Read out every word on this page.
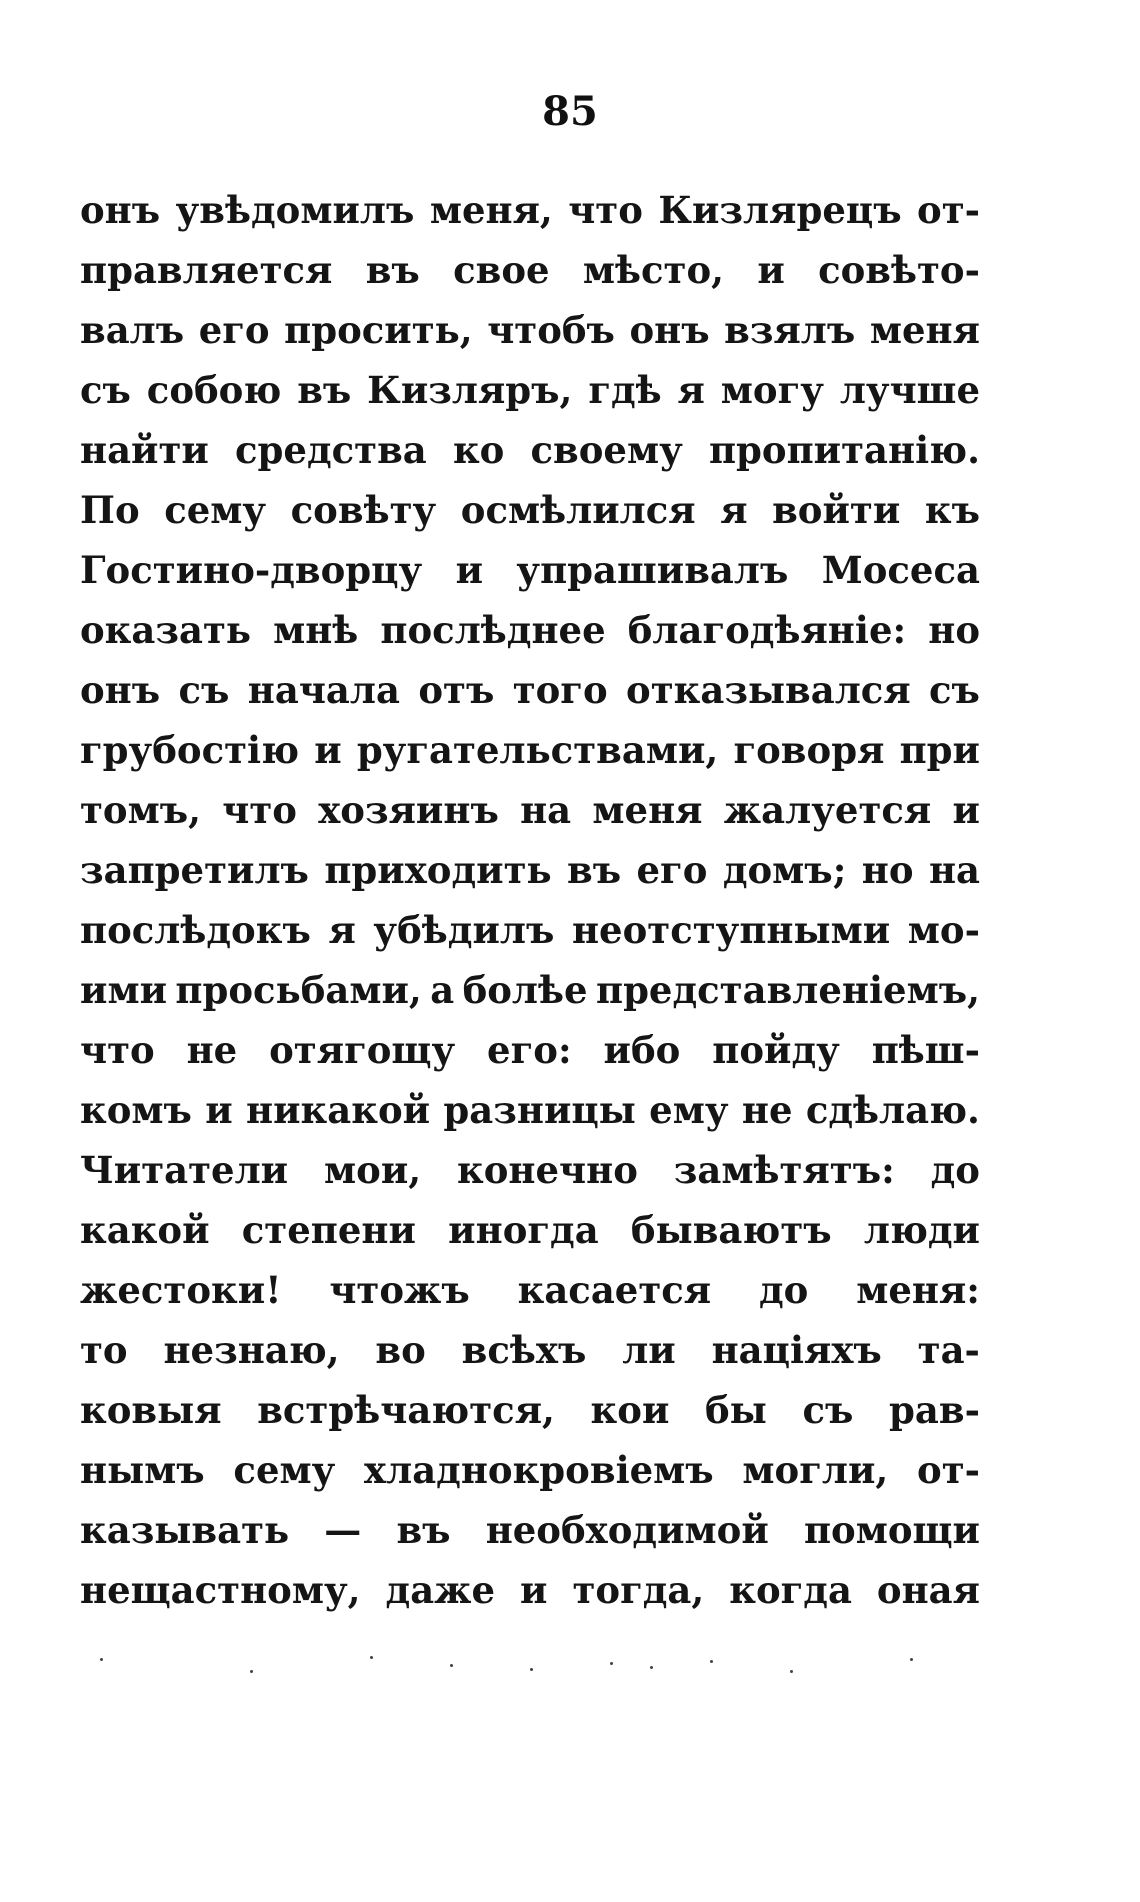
85
онъ увѣдомилъ меня, что Кизлярецъ от-
правляется въ свое мѣсто, и совѣто-
валъ его просить, чтобъ онъ взялъ меня
съ собою въ Кизляръ, гдѣ я могу лучше
найти средства ко своему пропитанію.
По сему совѣту осмѣлился я войти къ
Гостино-дворцу и упрашивалъ Мосеса
оказать мнѣ послѣднее благодѣяніе: но
онъ съ начала отъ того отказывался съ
грубостію и ругательствами, говоря при
томъ, что хозяинъ на меня жалуется и
запретилъ приходить въ его домъ; но на
послѣдокъ я убѣдилъ неотступными мо-
ими просьбами, а болѣе представленіемъ,
что не отягощу его: ибо пойду пѣш-
комъ и никакой разницы ему не сдѣлаю.
Читатели мои, конечно замѣтятъ: до
какой степени иногда бываютъ люди
жестоки! чтожъ касается до меня:
то незнаю, во всѣхъ ли націяхъ та-
ковыя встрѣчаются, кои бы съ рав-
нымъ сему хладнокровіемъ могли, от-
казывать — въ необходимой помощи
нещастному, даже и тогда, когда оная
